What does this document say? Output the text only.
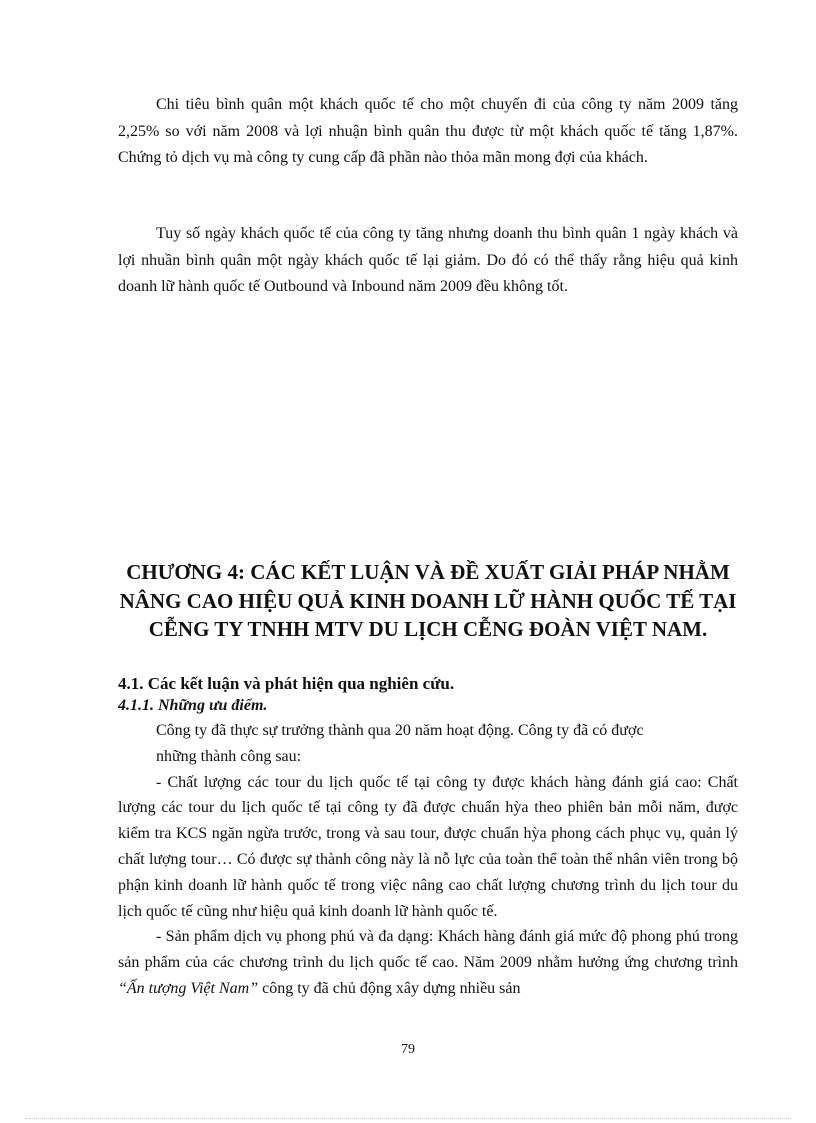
Chi tiêu bình quân một khách quốc tế cho một chuyến đi của công ty năm 2009 tăng 2,25% so với năm 2008 và lợi nhuận bình quân thu được từ một khách quốc tế tăng 1,87%. Chứng tỏ dịch vụ mà công ty cung cấp đã phần nào thỏa mãn mong đợi của khách.
Tuy số ngày khách quốc tế của công ty tăng nhưng doanh thu bình quân 1 ngày khách và lợi nhuần bình quân một ngày khách quốc tế lại giảm. Do đó có thể thấy rằng hiệu quả kinh doanh lữ hành quốc tế Outbound và Inbound năm 2009 đều không tốt.
CHƯƠNG 4: CÁC KẾT LUẬN VÀ ĐỀ XUẤT GIẢI PHÁP NHẰM NÂNG CAO HIỆU QUẢ KINH DOANH LỮ HÀNH QUỐC TẾ TẠI CỄNG TY TNHH MTV DU LỊCH CỄNG ĐOÀN VIỆT NAM.
4.1. Các kết luận và phát hiện qua nghiên cứu.
4.1.1. Những ưu điểm.
Công ty đã thực sự trưởng thành qua 20 năm hoạt động. Công ty đã có được
những thành công sau:
- Chất lượng các tour du lịch quốc tế tại công ty được khách hàng đánh giá cao: Chất lượng các tour du lịch quốc tế tại công ty đã được chuẩn hỳa theo phiên bản mỗi năm, được kiểm tra KCS ngăn ngừa trước, trong và sau tour, được chuẩn hỳa phong cách phục vụ, quản lý chất lượng tour… Có được sự thành công này là nỗ lực của toàn thể toàn thể nhân viên trong bộ phận kinh doanh lữ hành quốc tế trong việc nâng cao chất lượng chương trình du lịch tour du lịch quốc tế cũng như hiệu quả kinh doanh lữ hành quốc tế.
- Sản phẩm dịch vụ phong phú và đa dạng: Khách hàng đánh giá mức độ phong phú trong sản phẩm của các chương trình du lịch quốc tế cao. Năm 2009 nhằm hưởng ứng chương trình “Ấn tượng Việt Nam” công ty đã chủ động xây dựng nhiều sản
79
